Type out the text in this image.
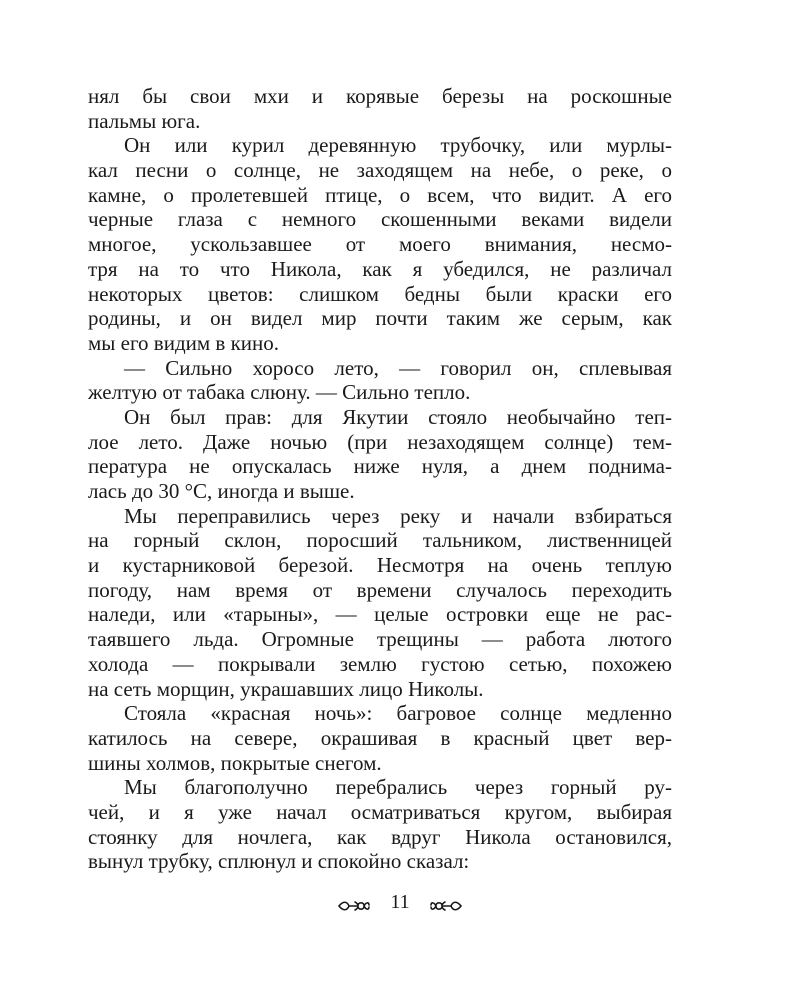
нял бы свои мхи и корявые березы на роскошные
пальмы юга.
Он или курил деревянную трубочку, или мурлы-
кал песни о солнце, не заходящем на небе, о реке, о
камне, о пролетевшей птице, о всем, что видит. А его
черные глаза с немного скошенными веками видели
многое, ускользавшее от моего внимания, несмо-
тря на то что Никола, как я убедился, не различал
некоторых цветов: слишком бедны были краски его
родины, и он видел мир почти таким же серым, как
мы его видим в кино.
— Сильно хоросо лето, — говорил он, сплевывая
желтую от табака слюну. — Сильно тепло.
Он был прав: для Якутии стояло необычайно теп-
лое лето. Даже ночью (при незаходящем солнце) тем-
пература не опускалась ниже нуля, а днем поднима-
лась до 30 °С, иногда и выше.
Мы переправились через реку и начали взбираться
на горный склон, поросший тальником, лиственницей
и кустарниковой березой. Несмотря на очень теплую
погоду, нам время от времени случалось переходить
наледи, или «тарыны», — целые островки еще не рас-
таявшего льда. Огромные трещины — работа лютого
холода — покрывали землю густою сетью, похожею
на сеть морщин, украшавших лицо Николы.
Стояла «красная ночь»: багровое солнце медленно
катилось на севере, окрашивая в красный цвет вер-
шины холмов, покрытые снегом.
Мы благополучно перебрались через горный ру-
чей, и я уже начал осматриваться кругом, выбирая
стоянку для ночлега, как вдруг Никола остановился,
вынул трубку, сплюнул и спокойно сказал:
11
